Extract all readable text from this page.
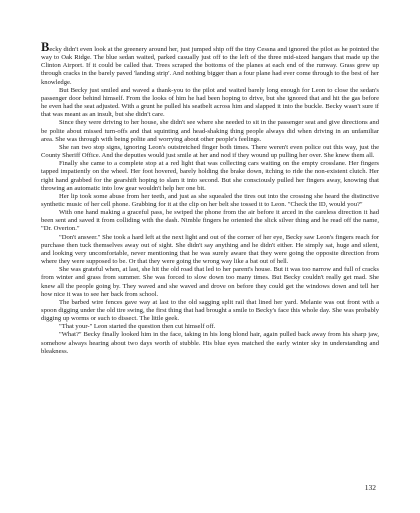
Becky didn't even look at the greenery around her, just jumped ship off the tiny Cessna and ignored the pilot as he pointed the way to Oak Ridge. The blue sedan waited, parked casually just off to the left of the three mid-sized hangars that made up the Clinton Airport. If it could be called that. Trees scraped the bottoms of the planes at each end of the runway. Grass grew up through cracks in the barely paved 'landing strip'. And nothing bigger than a four plane had ever come through to the best of her knowledge.

But Becky just smiled and waved a thank-you to the pilot and waited barely long enough for Leon to close the sedan's passenger door behind himself. From the looks of him he had been hoping to drive, but she ignored that and hit the gas before he even had the seat adjusted. With a grunt he pulled his seatbelt across him and slapped it into the buckle. Becky wasn't sure if that was meant as an insult, but she didn't care.

Since they were driving to her house, she didn't see where she needed to sit in the passenger seat and give directions and be polite about missed turn-offs and that squinting and head-shaking thing people always did when driving in an unfamiliar area. She was through with being polite and worrying about other people's feelings.

She ran two stop signs, ignoring Leon's outstretched finger both times. There weren't even police out this way, just the County Sheriff Office. And the deputies would just smile at her and nod if they wound up pulling her over. She knew them all.

Finally she came to a complete stop at a red light that was collecting cars waiting on the empty crosslane. Her fingers tapped impatiently on the wheel. Her foot hovered, barely holding the brake down, itching to ride the non-existent clutch. Her right hand grabbed for the gearshift hoping to slam it into second. But she consciously pulled her fingers away, knowing that throwing an automatic into low gear wouldn't help her one bit.

Her lip took some abuse from her teeth, and just as she squealed the tires out into the crossing she heard the distinctive synthetic music of her cell phone. Grabbing for it at the clip on her belt she tossed it to Leon. "Check the ID, would you?"

With one hand making a graceful pass, he swiped the phone from the air before it arced in the careless direction it had been sent and saved it from colliding with the dash. Nimble fingers he oriented the slick silver thing and he read off the name, "Dr. Overton."

"Don't answer." She took a hard left at the next light and out of the corner of her eye, Becky saw Leon's fingers reach for purchase then tuck themselves away out of sight. She didn't say anything and he didn't either. He simply sat, huge and silent, and looking very uncomfortable, never mentioning that he was surely aware that they were going the opposite direction from where they were supposed to be. Or that they were going the wrong way like a bat out of hell.

She was grateful when, at last, she hit the old road that led to her parent's house. But it was too narrow and full of cracks from winter and grass from summer. She was forced to slow down too many times. But Becky couldn't really get mad. She knew all the people going by. They waved and she waved and drove on before they could get the windows down and tell her how nice it was to see her back from school.

The barbed wire fences gave way at last to the old sagging split rail that lined her yard. Melanie was out front with a spoon digging under the old tire swing, the first thing that had brought a smile to Becky's face this whole day. She was probably digging up worms or such to dissect. The little geek.

"That your-" Leon started the question then cut himself off.

"What?" Becky finally looked him in the face, taking in his long blond hair, again pulled back away from his sharp jaw, somehow always hearing about two days worth of stubble. His blue eyes matched the early winter sky in understanding and bleakness.

132
